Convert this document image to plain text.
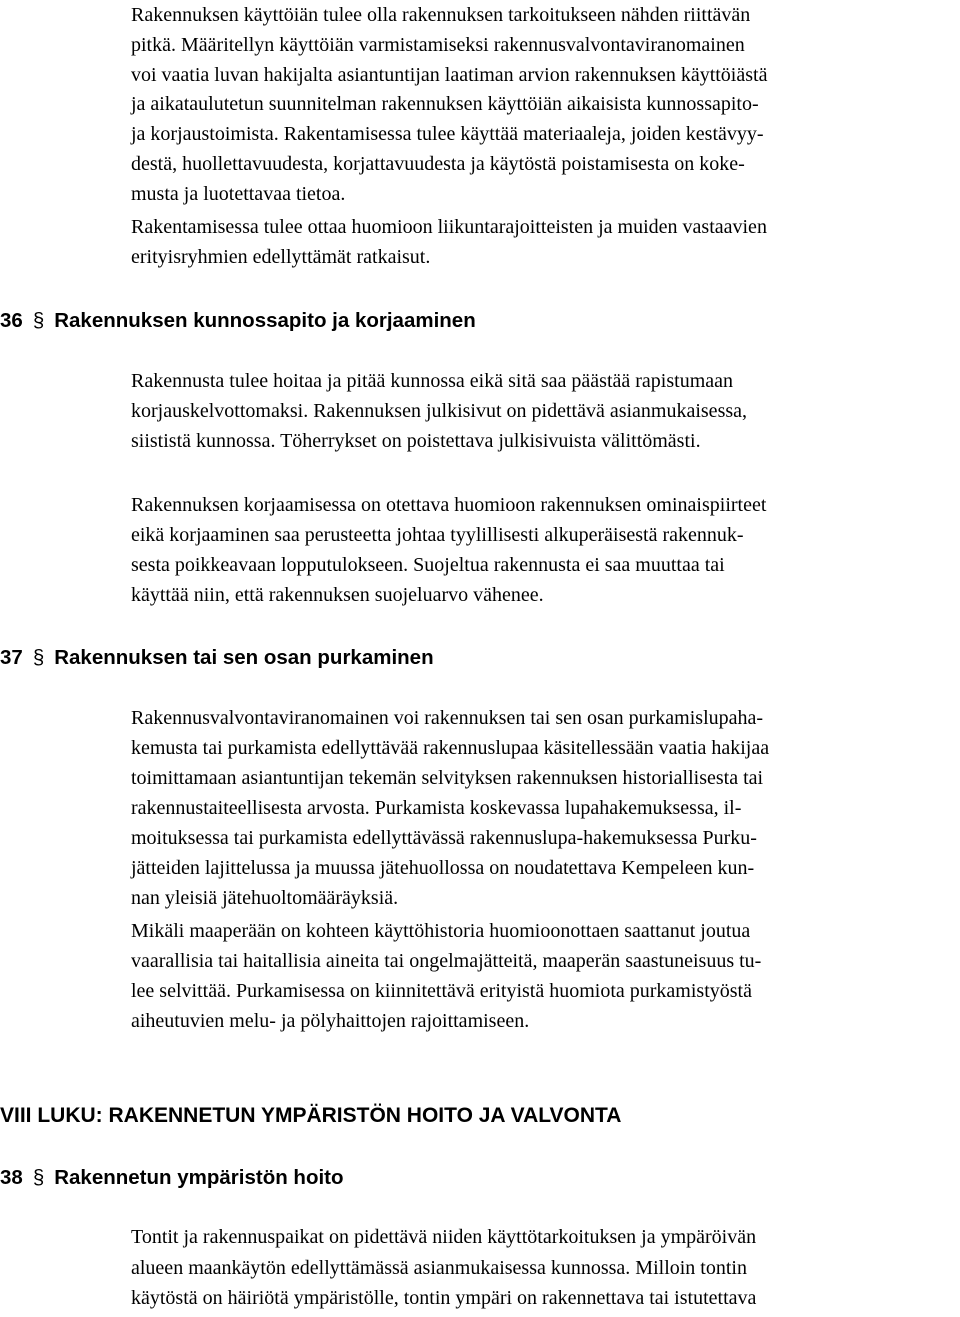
Rakennuksen käyttöiän tulee olla rakennuksen tarkoitukseen nähden riittävän
pitkä. Määritellyn käyttöiän varmistamiseksi rakennusvalvontaviranomainen
voi vaatia luvan hakijalta asiantuntijan laatiman arvion rakennuksen käyttöiästä
ja aikataulutetun suunnitelman rakennuksen käyttöiän aikaisista kunnossapito-
ja korjaustoimista. Rakentamisessa tulee käyttää materiaaleja, joiden kestävyy-
destä, huollettavuudesta, korjattavuudesta ja käytöstä poistamisesta on koke-
musta ja luotettavaa tietoa.
Rakentamisessa tulee ottaa huomioon liikuntarajoitteisten ja muiden vastaavien
erityisryhmien edellyttämät ratkaisut.
36 § Rakennuksen kunnossapito ja korjaaminen
Rakennusta tulee hoitaa ja pitää kunnossa eikä sitä saa päästää rapistumaan
korjauskelvottomaksi. Rakennuksen julkisivut on pidettävä asianmukaisessa,
siististä kunnossa. Töherrykset on poistettava julkisivuista välittömästi.
Rakennuksen korjaamisessa on otettava huomioon rakennuksen ominaispiirteet
eikä korjaaminen saa perusteetta johtaa tyylillisesti alkuperäisestä rakennuk-
sesta poikkeavaan lopputulokseen. Suojeltua rakennusta ei saa muuttaa tai
käyttää niin, että rakennuksen suojeluarvo vähenee.
37 § Rakennuksen tai sen osan purkaminen
Rakennusvalvontaviranomainen voi rakennuksen tai sen osan purkamislupaha-
kemusta tai purkamista edellyttävää rakennuslupaa käsitellessään vaatia hakijaa
toimittamaan asiantuntijan tekemän selvityksen rakennuksen historiallisesta tai
rakennustaiteellisesta arvosta. Purkamista koskevassa lupahakemuksessa, il-
moituksessa tai purkamista edellyttävässä rakennuslupa-hakemuksessa Purku-
jätteiden lajittelussa ja muussa jätehuollossa on noudatettava Kempeleen kun-
nan yleisiä jätehuoltomääräyksiä.
Mikäli maaperään on kohteen käyttöhistoria huomioonottaen saattanut joutua
vaarallisia tai haitallisia aineita tai ongelmajätteitä, maaperän saastuneisuus tu-
lee selvittää. Purkamisessa on kiinnitettävä erityistä huomiota purkamistyöstä
aiheutuvien melu- ja pölyhaittojen rajoittamiseen.
VIII LUKU: RAKENNETUN YMPÄRISTÖN HOITO JA VALVONTA
38 § Rakennetun ympäristön hoito
Tontit ja rakennuspaikat on pidettävä niiden käyttötarkoituksen ja ympäröivän
alueen maankäytön edellyttämässä asianmukaisessa kunnossa. Milloin tontin
käytöstä on häiriötä ympäristölle, tontin ympäri on rakennettava tai istutettava
